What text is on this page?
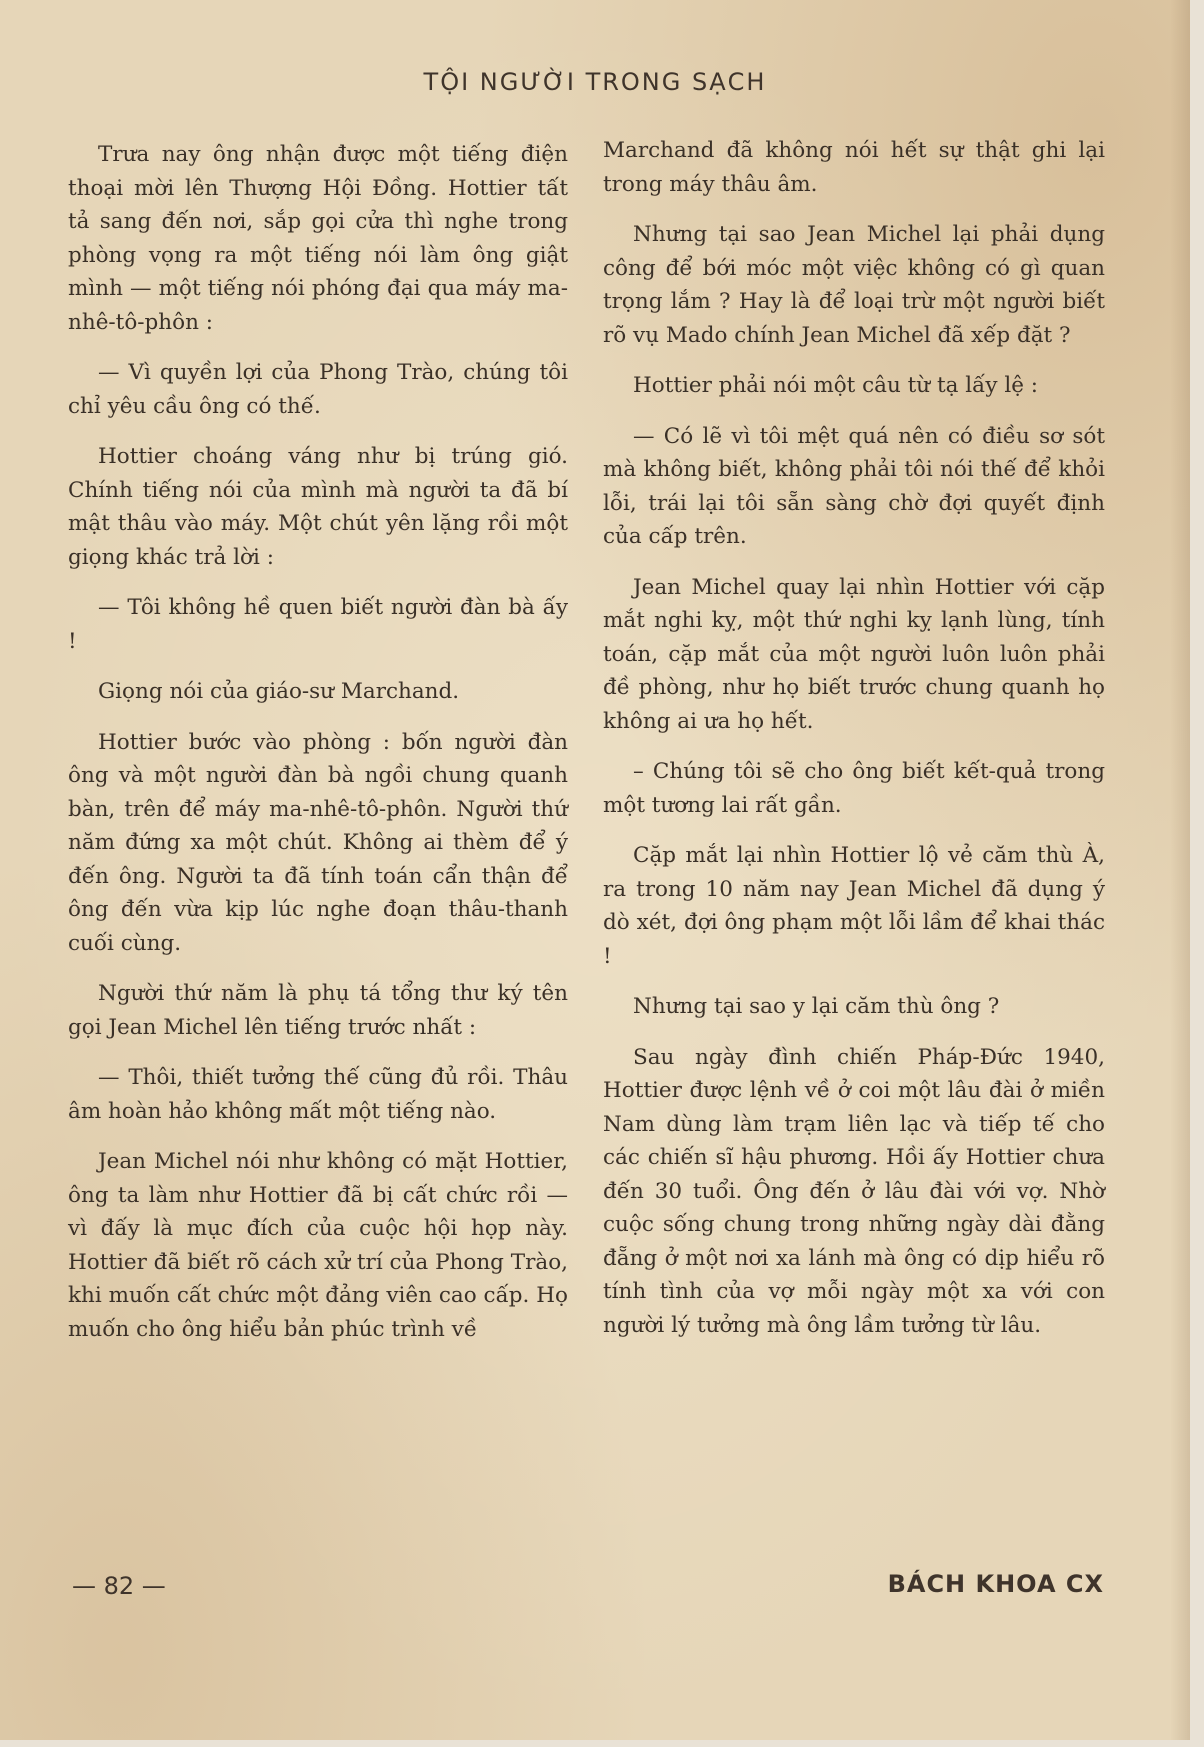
TỘI NGƯỜI TRONG SẠCH

Trưa nay ông nhận được một tiếng điện thoại mời lên Thượng Hội Đồng. Hottier tất tả sang đến nơi, sắp gọi cửa thì nghe trong phòng vọng ra một tiếng nói làm ông giật mình — một tiếng nói phóng đại qua máy ma-nhê-tô-phôn :

— Vì quyền lợi của Phong Trào, chúng tôi chỉ yêu cầu ông có thế.

Hottier choáng váng như bị trúng gió. Chính tiếng nói của mình mà người ta đã bí mật thâu vào máy. Một chút yên lặng rồi một giọng khác trả lời :

— Tôi không hề quen biết người đàn bà ấy !

Giọng nói của giáo-sư Marchand.

Hottier bước vào phòng : bốn người đàn ông và một người đàn bà ngồi chung quanh bàn, trên để máy ma-nhê-tô-phôn. Người thứ năm đứng xa một chút. Không ai thèm để ý đến ông. Người ta đã tính toán cẩn thận để ông đến vừa kịp lúc nghe đoạn thâu-thanh cuối cùng.

Người thứ năm là phụ tá tổng thư ký tên gọi Jean Michel lên tiếng trước nhất :

— Thôi, thiết tưởng thế cũng đủ rồi. Thâu âm hoàn hảo không mất một tiếng nào.

Jean Michel nói như không có mặt Hottier, ông ta làm như Hottier đã bị cất chức rồi — vì đấy là mục đích của cuộc hội họp này. Hottier đã biết rõ cách xử trí của Phong Trào, khi muốn cất chức một đảng viên cao cấp. Họ muốn cho ông hiểu bản phúc trình về

Marchand đã không nói hết sự thật ghi lại trong máy thâu âm.

Nhưng tại sao Jean Michel lại phải dụng công để bới móc một việc không có gì quan trọng lắm ? Hay là để loại trừ một người biết rõ vụ Mado chính Jean Michel đã xếp đặt ?

Hottier phải nói một câu từ tạ lấy lệ :

— Có lẽ vì tôi mệt quá nên có điều sơ sót mà không biết, không phải tôi nói thế để khỏi lỗi, trái lại tôi sẵn sàng chờ đợi quyết định của cấp trên.

Jean Michel quay lại nhìn Hottier với cặp mắt nghi kỵ, một thứ nghi kỵ lạnh lùng, tính toán, cặp mắt của một người luôn luôn phải đề phòng, như họ biết trước chung quanh họ không ai ưa họ hết.

– Chúng tôi sẽ cho ông biết kết-quả trong một tương lai rất gần.

Cặp mắt lại nhìn Hottier lộ vẻ căm thù À, ra trong 10 năm nay Jean Michel đã dụng ý dò xét, đợi ông phạm một lỗi lầm để khai thác !

Nhưng tại sao y lại căm thù ông ?

Sau ngày đình chiến Pháp-Đức 1940, Hottier được lệnh về ở coi một lâu đài ở miền Nam dùng làm trạm liên lạc và tiếp tế cho các chiến sĩ hậu phương. Hồi ấy Hottier chưa đến 30 tuổi. Ông đến ở lâu đài với vợ. Nhờ cuộc sống chung trong những ngày dài đằng đẵng ở một nơi xa lánh mà ông có dịp hiểu rõ tính tình của vợ mỗi ngày một xa với con người lý tưởng mà ông lầm tưởng từ lâu.

— 82 —	BÁCH KHOA CX
